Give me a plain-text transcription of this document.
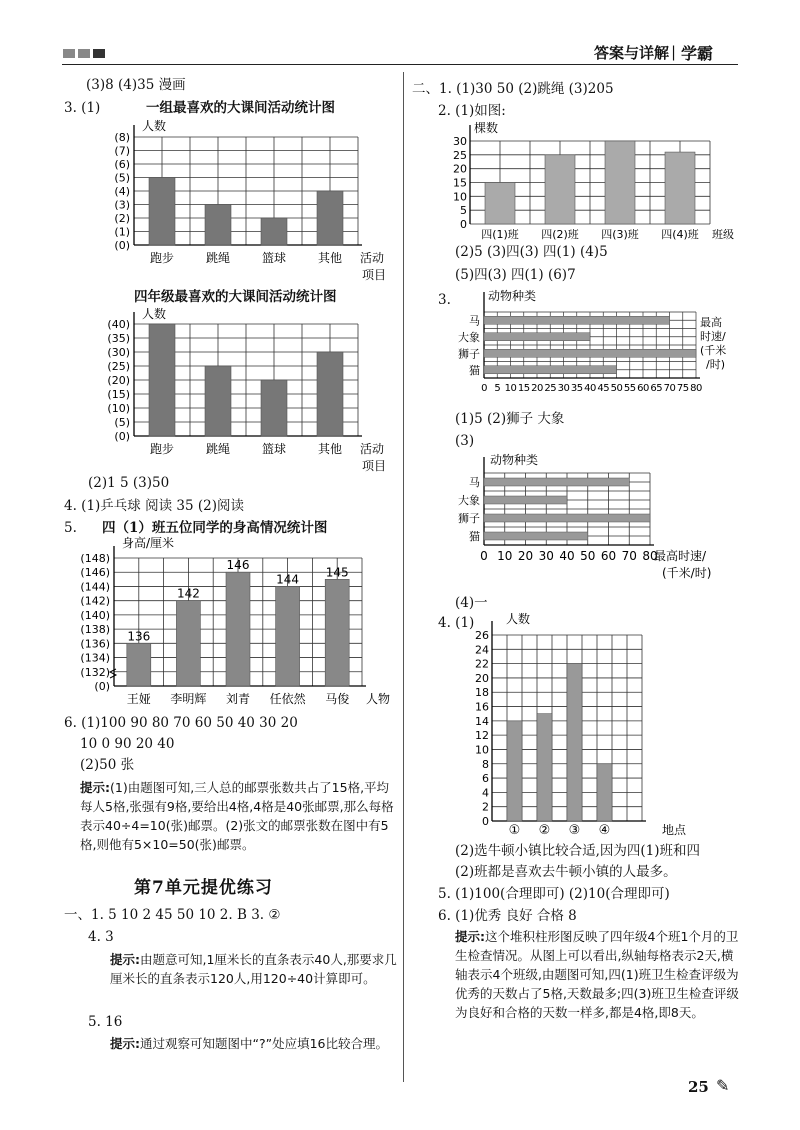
答案与详解 | 学霸
(3)8 (4)35 漫画
3. (1)	一组最喜欢的大课间活动统计图
(0)
(1)
(2)
(3)
(4)
(5)
(6)
(7)
(8)
跑步	跳绳	篮球	其他
人数
活动
项目
四年级最喜欢的大课间活动统计图
(0)
(5)
(10)
(15)
(20)
(25)
(30)
(35)
(40)
跑步	跳绳	篮球	其他
人数
活动
项目
(2)1 5 (3)50
4. (1)乒乓球 阅读 35 (2)阅读
5. 四（1）班五位同学的身高情况统计图
(0)
(132)
(134)
(136)
(138)
(140)
(142)
(144)
(146)
(148)
136
王娅
142
李明辉
146
刘青
144
任依然
145
马俊
身高/厘米
人物
6. (1)100 90 80 70 60 50 40 30 20
10 0 90 20 40
(2)50 张
提示:(1)由题图可知,三人总的邮票张数共占了15格,平均每人5格,张强有9格,要给出4格,4格是40张邮票,那么每格表示40÷4=10(张)邮票。(2)张文的邮票张数在图中有5格,则他有5×10=50(张)邮票。
第7单元提优练习
一、1. 5 10 2 45 50 10 2. B 3. ②
4. 3
提示:由题意可知,1厘米长的直条表示40人,那要求几厘米长的直条表示120人,用120÷40计算即可。
5. 16
提示:通过观察可知题图中“?”处应填16比较合理。
二、1. (1)30 50 (2)跳绳 (3)205
2. (1)如图:
0
5
10
15
20
25
30
四(1)班 四(2)班 四(3)班 四(4)班
棵数
班级
(2)5 (3)四(3) 四(1) (4)5
(5)四(3) 四(1) (6)7
3.
0 5 10 15 20 25 30 35 40 45 50 55 60 65 70 75 80
马
大象
狮子
猫
动物种类
最高
时速/
(千米
/时)
(1)5 (2)狮子 大象
(3)
0 10 20 30 40 50 60 70 80
马
大象
狮子
猫
动物种类
最高时速/
(千米/时)
(4)一
4. (1)
0
2
4
6
8
10
12
14
16
18
20
22
24
26
① ② ③ ④
人数
地点
(2)选牛顿小镇比较合适,因为四(1)班和四
(2)班都是喜欢去牛顿小镇的人最多。
5. (1)100(合理即可) (2)10(合理即可)
6. (1)优秀 良好 合格 8
提示:这个堆积柱形图反映了四年级4个班1个月的卫生检查情况。从图上可以看出,纵轴每格表示2天,横轴表示4个班级,由题图可知,四(1)班卫生检查评级为优秀的天数占了5格,天数最多;四(3)班卫生检查评级为良好和合格的天数一样多,都是4格,即8天。
25 ✎
